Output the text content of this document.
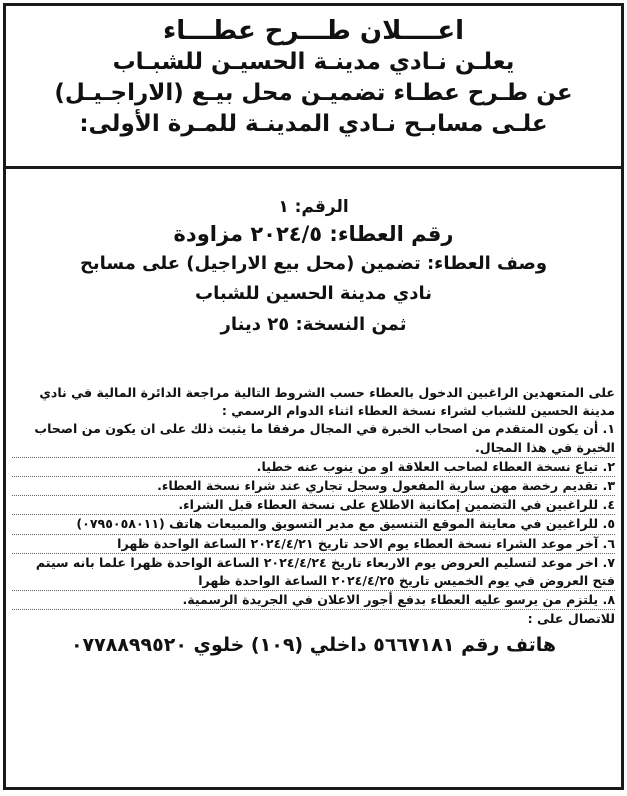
اعــــلان طـــرح عطـــاء
يعلـن نـادي مدينـة الحسيـن للشبـاب
عن طـرح عطـاء تضميـن محل بيـع (الاراجـيـل)
علـى مسابـح نـادي المدينـة للمـرة الأولى:
الرقم: ١
رقم العطاء: ٢٠٢٤/٥ مزاودة
وصف العطاء: تضمين (محل بيع الاراجيل) على مسابح
نادي مدينة الحسين للشباب
ثمن النسخة: ٢٥ دينار
على المتعهدين الراغبين الدخول بالعطاء حسب الشروط التالية مراجعة الدائرة المالية في نادي مدينة الحسين للشباب لشراء نسخة العطاء اثناء الدوام الرسمي :
١. أن يكون المتقدم من اصحاب الخبرة في المجال مرفقا ما يثبت ذلك على ان يكون من اصحاب الخبرة في هذا المجال.
٢. تباع نسخة العطاء لصاحب العلاقة او من ينوب عنه خطيا.
٣. تقديم رخصة مهن سارية المفعول وسجل تجاري عند شراء نسخة العطاء.
٤. للراغبين في التضمين إمكانية الاطلاع على نسخة العطاء قبل الشراء.
٥. للراغبين في معاينة الموقع التنسيق مع مدير التسويق والمبيعات هاتف (٠٧٩٥٠٥٨٠١١)
٦. آخر موعد الشراء نسخة العطاء يوم الاحد تاريخ ٢٠٢٤/٤/٢١ الساعة الواحدة ظهرا
٧. اخر موعد لتسليم العروض يوم الاربعاء تاريخ ٢٠٢٤/٤/٢٤ الساعة الواحدة ظهرا علما بانه سيتم فتح العروض في يوم الخميس تاريخ ٢٠٢٤/٤/٢٥ الساعة الواحدة ظهرا
٨. يلتزم من يرسو عليه العطاء بدفع أجور الاعلان في الجريدة الرسمية.
للاتصال على :
هاتف رقم ٥٦٦٧١٨١ داخلي (١٠٩) خلوي ٠٧٧٨٨٩٩٥٢٠
